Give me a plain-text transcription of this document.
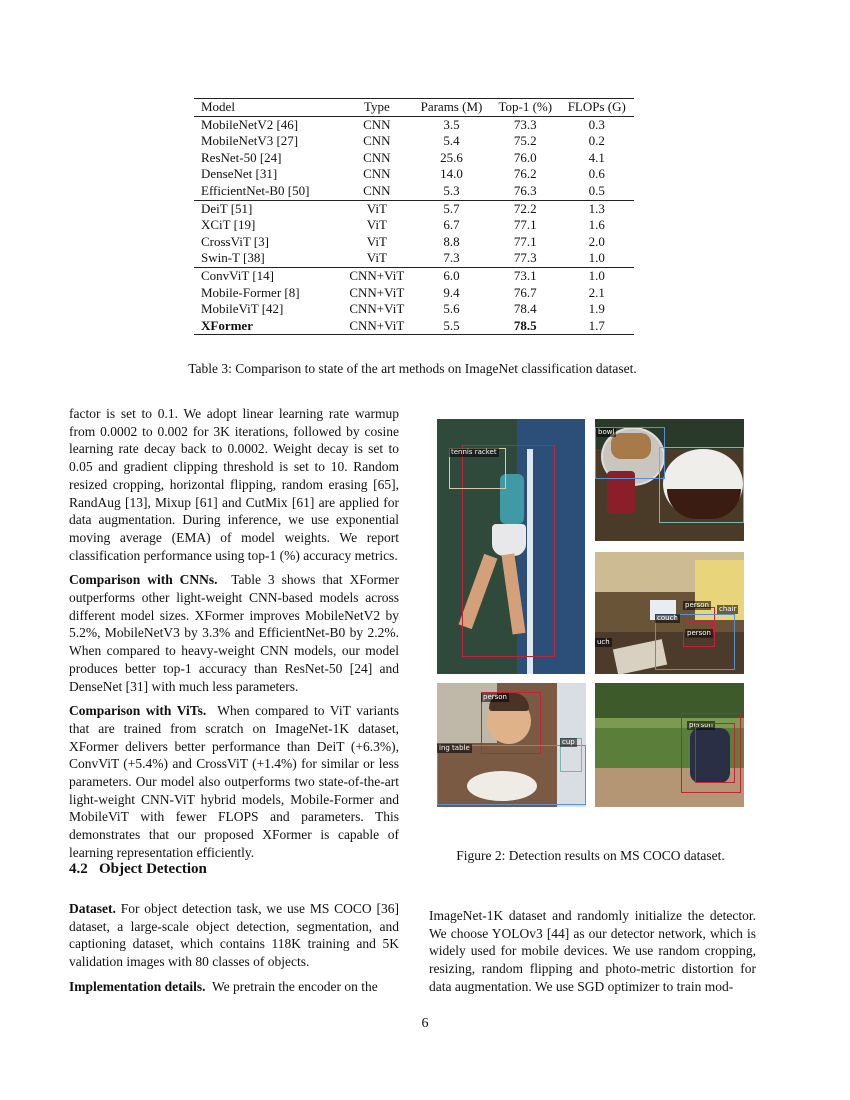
Model	Type	Params (M)	Top-1 (%)	FLOPs (G)
MobileNetV2 [46]	CNN	3.5	73.3	0.3
MobileNetV3 [27]	CNN	5.4	75.2	0.2
ResNet-50 [24]	CNN	25.6	76.0	4.1
DenseNet [31]	CNN	14.0	76.2	0.6
EfficientNet-B0 [50]	CNN	5.3	76.3	0.5
DeiT [51]	ViT	5.7	72.2	1.3
XCiT [19]	ViT	6.7	77.1	1.6
CrossViT [3]	ViT	8.8	77.1	2.0
Swin-T [38]	ViT	7.3	77.3	1.0
ConvViT [14]	CNN+ViT	6.0	73.1	1.0
Mobile-Former [8]	CNN+ViT	9.4	76.7	2.1
MobileViT [42]	CNN+ViT	5.6	78.4	1.9
XFormer	CNN+ViT	5.5	78.5	1.7
Table 3: Comparison to state of the art methods on ImageNet classification dataset.

factor is set to 0.1. We adopt linear learning rate warmup from 0.0002 to 0.002 for 3K iterations, followed by cosine learning rate decay back to 0.0002. Weight decay is set to 0.05 and gradient clipping threshold is set to 10. Random resized cropping, horizontal flipping, random erasing [65], RandAug [13], Mixup [61] and CutMix [61] are applied for data augmentation. During inference, we use exponential moving average (EMA) of model weights. We report classification performance using top-1 (%) accuracy metrics.

Comparison with CNNs. Table 3 shows that XFormer outperforms other light-weight CNN-based models across different model sizes. XFormer improves MobileNetV2 by 5.2%, MobileNetV3 by 3.3% and EfficientNet-B0 by 2.2%. When compared to heavy-weight CNN models, our model produces better top-1 accuracy than ResNet-50 [24] and DenseNet [31] with much less parameters.

Comparison with ViTs. When compared to ViT variants that are trained from scratch on ImageNet-1K dataset, XFormer delivers better performance than DeiT (+6.3%), ConvViT (+5.4%) and CrossViT (+1.4%) for similar or less parameters. Our model also outperforms two state-of-the-art light-weight CNN-ViT hybrid models, Mobile-Former and MobileViT with fewer FLOPS and parameters. This demonstrates that our proposed XFormer is capable of learning representation efficiently.

4.2   Object Detection

Dataset. For object detection task, we use MS COCO [36] dataset, a large-scale object detection, segmentation, and captioning dataset, which contains 118K training and 5K validation images with 80 classes of objects.

Implementation details. We pretrain the encoder on the

tennis racket
bowl
person
couch
chair
uch
person
person
ing table
cup
person
Figure 2: Detection results on MS COCO dataset.

ImageNet-1K dataset and randomly initialize the detector. We choose YOLOv3 [44] as our detector network, which is widely used for mobile devices. We use random cropping, resizing, random flipping and photo-metric distortion for data augmentation. We use SGD optimizer to train mod-

6
